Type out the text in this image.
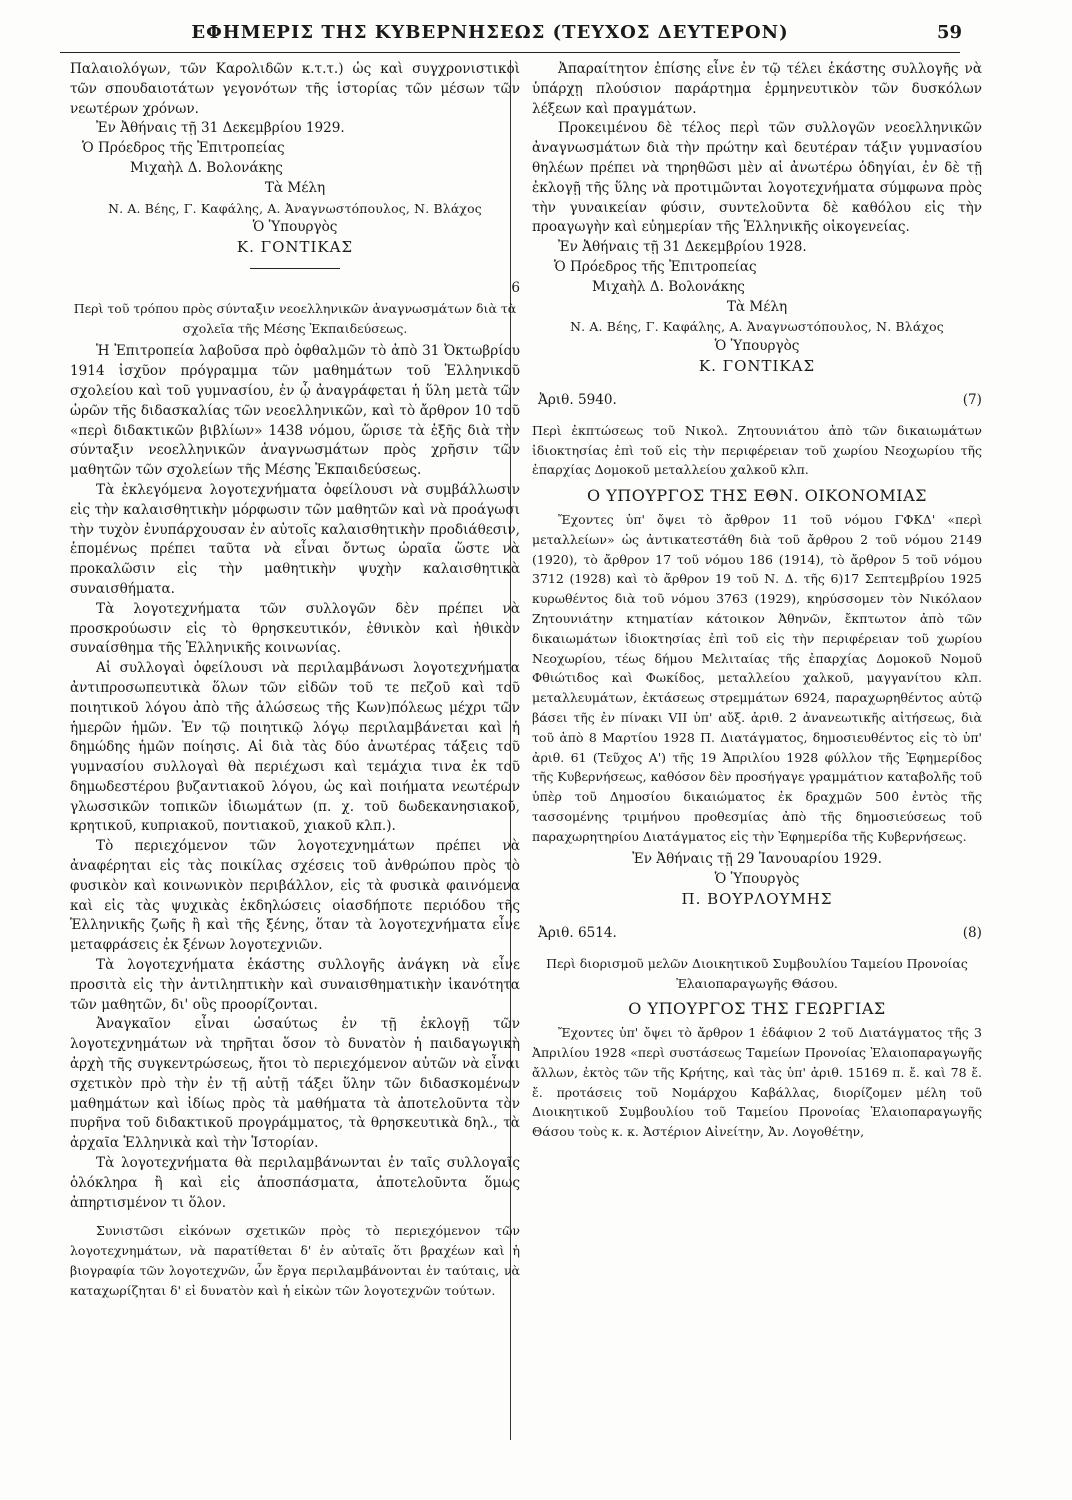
ΕΦΗΜΕΡΙΣ ΤΗΣ ΚΥΒΕΡΝΗΣΕΩΣ (ΤΕΥΧΟΣ ΔΕΥΤΕΡΟΝ)	59

Παλαιολόγων, τῶν Καρολιδῶν κ.τ.τ.) ὡς καὶ συγχρονιστικοὶ τῶν σπουδαιοτάτων γεγονότων τῆς ἱστορίας τῶν μέσων τῶν νεωτέρων χρόνων.

Ἐν Ἀθήναις τῇ 31 Δεκεμβρίου 1929.

Ὁ Πρόεδρος τῆς Ἐπιτροπείας

Μιχαὴλ Δ. Βολονάκης

Τὰ Μέλη

Ν. Α. Βέης, Γ. Καφάλης, Α. Ἀναγνωστόπουλος, Ν. Βλάχος

Ὁ Ὑπουργὸς

Κ. ΓΟΝΤΙΚΑΣ

6

Περὶ τοῦ τρόπου πρὸς σύνταξιν νεοελληνικῶν ἀναγνωσμάτων διὰ τὰ σχολεῖα τῆς Μέσης Ἐκπαιδεύσεως.

Ἡ Ἐπιτροπεία λαβοῦσα πρὸ ὀφθαλμῶν τὸ ἀπὸ 31 Ὀκτωβρίου 1914 ἰσχῦον πρόγραμμα τῶν μαθημάτων τοῦ Ἑλληνικοῦ σχολείου καὶ τοῦ γυμνασίου, ἐν ᾧ ἀναγράφεται ἡ ὕλη μετὰ τῶν ὡρῶν τῆς διδασκαλίας τῶν νεοελληνικῶν, καὶ τὸ ἄρθρον 10 τοῦ «περὶ διδακτικῶν βιβλίων» 1438 νόμου, ὥρισε τὰ ἑξῆς διὰ τὴν σύνταξιν νεοελληνικῶν ἀναγνωσμάτων πρὸς χρῆσιν τῶν μαθητῶν τῶν σχολείων τῆς Μέσης Ἐκπαιδεύσεως.

Τὰ ἐκλεγόμενα λογοτεχνήματα ὀφείλουσι νὰ συμβάλλωσιν εἰς τὴν καλαισθητικὴν μόρφωσιν τῶν μαθητῶν καὶ νὰ προάγωσι τὴν τυχὸν ἐνυπάρχουσαν ἐν αὐτοῖς καλαισθητικὴν προδιάθεσιν, ἑπομένως πρέπει ταῦτα νὰ εἶναι ὄντως ὡραῖα ὥστε νὰ προκαλῶσιν εἰς τὴν μαθητικὴν ψυχὴν καλαισθητικὰ συναισθήματα.

Τὰ λογοτεχνήματα τῶν συλλογῶν δὲν πρέπει νὰ προσκρούωσιν εἰς τὸ θρησκευτικόν, ἐθνικὸν καὶ ἠθικὸν συναίσθημα τῆς Ἑλληνικῆς κοινωνίας.

Αἱ συλλογαὶ ὀφείλουσι νὰ περιλαμβάνωσι λογοτεχνήματα ἀντιπροσωπευτικὰ ὅλων τῶν εἰδῶν τοῦ τε πεζοῦ καὶ τοῦ ποιητικοῦ λόγου ἀπὸ τῆς ἁλώσεως τῆς Κων)πόλεως μέχρι τῶν ἡμερῶν ἡμῶν. Ἐν τῷ ποιητικῷ λόγῳ περιλαμβάνεται καὶ ἡ δημώδης ἡμῶν ποίησις. Αἱ διὰ τὰς δύο ἀνωτέρας τάξεις τοῦ γυμνασίου συλλογαὶ θὰ περιέχωσι καὶ τεμάχια τινα ἐκ τοῦ δημωδεστέρου βυζαντιακοῦ λόγου, ὡς καὶ ποιήματα νεωτέρων γλωσσικῶν τοπικῶν ἰδιωμάτων (π. χ. τοῦ δωδεκανησιακοῦ, κρητικοῦ, κυπριακοῦ, ποντιακοῦ, χιακοῦ κλπ.).

Τὸ περιεχόμενον τῶν λογοτεχνημάτων πρέπει νὰ ἀναφέρηται εἰς τὰς ποικίλας σχέσεις τοῦ ἀνθρώπου πρὸς τὸ φυσικὸν καὶ κοινωνικὸν περιβάλλον, εἰς τὰ φυσικὰ φαινόμενα καὶ εἰς τὰς ψυχικὰς ἐκδηλώσεις οἱασδήποτε περιόδου τῆς Ἑλληνικῆς ζωῆς ἢ καὶ τῆς ξένης, ὅταν τὰ λογοτεχνήματα εἶνε μεταφράσεις ἐκ ξένων λογοτεχνιῶν.

Τὰ λογοτεχνήματα ἑκάστης συλλογῆς ἀνάγκη νὰ εἶνε προσιτὰ εἰς τὴν ἀντιληπτικὴν καὶ συναισθηματικὴν ἱκανότητα τῶν μαθητῶν, δι' οὓς προορίζονται.

Ἀναγκαῖον εἶναι ὡσαύτως ἐν τῇ ἐκλογῇ τῶν λογοτεχνημάτων νὰ τηρῆται ὅσον τὸ δυνατὸν ἡ παιδαγωγικὴ ἀρχὴ τῆς συγκεντρώσεως, ἤτοι τὸ περιεχόμενον αὐτῶν νὰ εἶναι σχετικὸν πρὸ τὴν ἐν τῇ αὐτῇ τάξει ὕλην τῶν διδασκομένων μαθημάτων καὶ ἰδίως πρὸς τὰ μαθήματα τὰ ἀποτελοῦντα τὸν πυρῆνα τοῦ διδακτικοῦ προγράμματος, τὰ θρησκευτικὰ δηλ., τὰ ἀρχαῖα Ἑλληνικὰ καὶ τὴν Ἱστορίαν.

Τὰ λογοτεχνήματα θὰ περιλαμβάνωνται ἐν ταῖς συλλογαῖς ὁλόκληρα ἢ καὶ εἰς ἀποσπάσματα, ἀποτελοῦντα ὅμως ἀπηρτισμένον τι ὅλον.

Συνιστῶσι εἰκόνων σχετικῶν πρὸς τὸ περιεχόμενον τῶν λογοτεχνημάτων, νὰ παρατίθεται δ' ἐν αὐταῖς ὅτι βραχέων καὶ ἡ βιογραφία τῶν λογοτεχνῶν, ὧν ἔργα περιλαμβάνονται ἐν ταύταις, νὰ καταχωρίζηται δ' εἰ δυνατὸν καὶ ἡ εἰκὼν τῶν λογοτεχνῶν τούτων.

Ἀπαραίτητον ἐπίσης εἶνε ἐν τῷ τέλει ἑκάστης συλλογῆς νὰ ὑπάρχῃ πλούσιον παράρτημα ἑρμηνευτικὸν τῶν δυσκόλων λέξεων καὶ πραγμάτων.

Προκειμένου δὲ τέλος περὶ τῶν συλλογῶν νεοελληνικῶν ἀναγνωσμάτων διὰ τὴν πρώτην καὶ δευτέραν τάξιν γυμνασίου θηλέων πρέπει νὰ τηρηθῶσι μὲν αἱ ἀνωτέρω ὁδηγίαι, ἐν δὲ τῇ ἐκλογῇ τῆς ὕλης νὰ προτιμῶνται λογοτεχνήματα σύμφωνα πρὸς τὴν γυναικείαν φύσιν, συντελοῦντα δὲ καθόλου εἰς τὴν προαγωγὴν καὶ εὐημερίαν τῆς Ἑλληνικῆς οἰκογενείας.

Ἐν Ἀθήναις τῇ 31 Δεκεμβρίου 1928.

Ὁ Πρόεδρος τῆς Ἐπιτροπείας

Μιχαὴλ Δ. Βολονάκης

Τὰ Μέλη

Ν. Α. Βέης, Γ. Καφάλης, Α. Ἀναγνωστόπουλος, Ν. Βλάχος

Ὁ Ὑπουργὸς

Κ. ΓΟΝΤΙΚΑΣ

Ἀριθ. 5940.	(7)

Περὶ ἐκπτώσεως τοῦ Νικολ. Ζητουνιάτου ἀπὸ τῶν δικαιωμάτων ἰδιοκτησίας ἐπὶ τοῦ εἰς τὴν περιφέρειαν τοῦ χωρίου Νεοχωρίου τῆς ἐπαρχίας Δομοκοῦ μεταλλείου χαλκοῦ κλπ.

Ο ΥΠΟΥΡΓΟΣ ΤΗΣ ΕΘΝ. ΟΙΚΟΝΟΜΙΑΣ

Ἔχοντες ὑπ' ὄψει τὸ ἄρθρον 11 τοῦ νόμου ΓΦΚΔ' «περὶ μεταλλείων» ὡς ἀντικατεστάθη διὰ τοῦ ἄρθρου 2 τοῦ νόμου 2149 (1920), τὸ ἄρθρον 17 τοῦ νόμου 186 (1914), τὸ ἄρθρον 5 τοῦ νόμου 3712 (1928) καὶ τὸ ἄρθρον 19 τοῦ Ν. Δ. τῆς 6)17 Σεπτεμβρίου 1925 κυρωθέντος διὰ τοῦ νόμου 3763 (1929), κηρύσσομεν τὸν Νικόλαον Ζητουνιάτην κτηματίαν κάτοικον Ἀθηνῶν, ἔκπτωτον ἀπὸ τῶν δικαιωμάτων ἰδιοκτησίας ἐπὶ τοῦ εἰς τὴν περιφέρειαν τοῦ χωρίου Νεοχωρίου, τέως δήμου Μελιταίας τῆς ἐπαρχίας Δομοκοῦ Νομοῦ Φθιώτιδος καὶ Φωκίδος, μεταλλείου χαλκοῦ, μαγγανίτου κλπ. μεταλλευμάτων, ἐκτάσεως στρεμμάτων 6924, παραχωρηθέντος αὐτῷ βάσει τῆς ἐν πίνακι VII ὑπ' αὔξ. ἀριθ. 2 ἀνανεωτικῆς αἰτήσεως, διὰ τοῦ ἀπὸ 8 Μαρτίου 1928 Π. Διατάγματος, δημοσιευθέντος εἰς τὸ ὑπ' ἀριθ. 61 (Τεῦχος Α') τῆς 19 Ἀπριλίου 1928 φύλλον τῆς Ἐφημερίδος τῆς Κυβερνήσεως, καθόσον δὲν προσήγαγε γραμμάτιον καταβολῆς τοῦ ὑπὲρ τοῦ Δημοσίου δικαιώματος ἐκ δραχμῶν 500 ἐντὸς τῆς τασσομένης τριμήνου προθεσμίας ἀπὸ τῆς δημοσιεύσεως τοῦ παραχωρητηρίου Διατάγματος εἰς τὴν Ἐφημερίδα τῆς Κυβερνήσεως.

Ἐν Ἀθήναις τῇ 29 Ἰανουαρίου 1929.

Ὁ Ὑπουργὸς

Π. ΒΟΥΡΛΟΥΜΗΣ

Ἀριθ. 6514.	(8)

Περὶ διορισμοῦ μελῶν Διοικητικοῦ Συμβουλίου Ταμείου Προνοίας Ἐλαιοπαραγωγῆς Θάσου.

Ο ΥΠΟΥΡΓΟΣ ΤΗΣ ΓΕΩΡΓΙΑΣ

Ἔχοντες ὑπ' ὄψει τὸ ἄρθρον 1 ἐδάφιον 2 τοῦ Διατάγματος τῆς 3 Ἀπριλίου 1928 «περὶ συστάσεως Ταμείων Προνοίας Ἐλαιοπαραγωγῆς ἄλλων, ἐκτὸς τῶν τῆς Κρήτης, καὶ τὰς ὑπ' ἀριθ. 15169 π. ἔ. καὶ 78 ἔ. ἔ. προτάσεις τοῦ Νομάρχου Καβάλλας, διορίζομεν μέλη τοῦ Διοικητικοῦ Συμβουλίου τοῦ Ταμείου Προνοίας Ἐλαιοπαραγωγῆς Θάσου τοὺς κ. κ. Ἀστέριον Αἰνείτην, Ἀν. Λογοθέτην,
